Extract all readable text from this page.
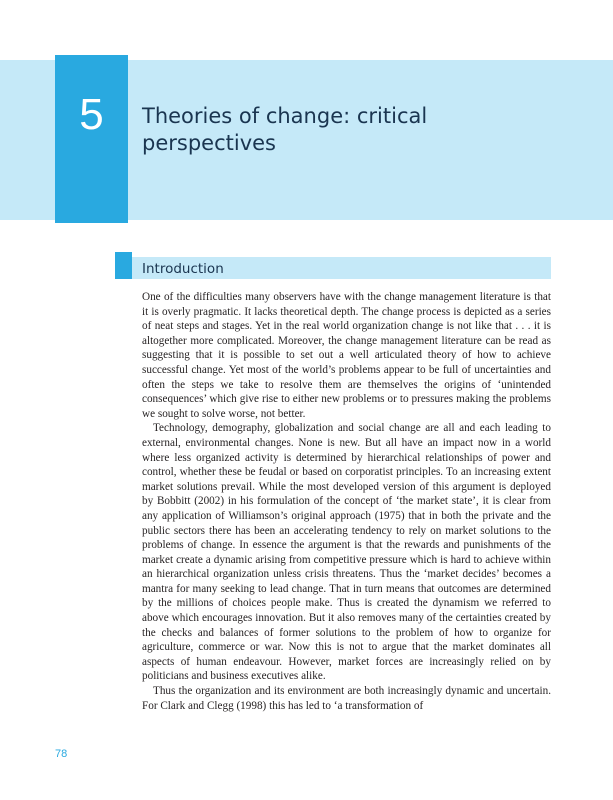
5	Theories of change: critical perspectives
Introduction

One of the difficulties many observers have with the change management literature is that it is overly pragmatic. It lacks theoretical depth. The change process is depicted as a series of neat steps and stages. Yet in the real world organization change is not like that . . . it is altogether more complicated. Moreover, the change management literature can be read as suggesting that it is possible to set out a well articulated theory of how to achieve successful change. Yet most of the world’s problems appear to be full of uncertainties and often the steps we take to resolve them are themselves the origins of ‘unintended consequences’ which give rise to either new problems or to pressures making the problems we sought to solve worse, not better.

Technology, demography, globalization and social change are all and each leading to external, environmental changes. None is new. But all have an impact now in a world where less organized activity is determined by hierarchical relationships of power and control, whether these be feudal or based on corporatist principles. To an increasing extent market solutions prevail. While the most developed version of this argument is deployed by Bobbitt (2002) in his formulation of the concept of ‘the market state’, it is clear from any application of Williamson’s original approach (1975) that in both the private and the public sectors there has been an accelerating tendency to rely on market solutions to the problems of change. In essence the argument is that the rewards and punishments of the market create a dynamic arising from competitive pressure which is hard to achieve within an hierarchical organization unless crisis threatens. Thus the ‘market decides’ becomes a mantra for many seeking to lead change. That in turn means that outcomes are determined by the millions of choices people make. Thus is created the dynamism we referred to above which encourages innovation. But it also removes many of the certainties created by the checks and balances of former solutions to the problem of how to organize for agriculture, commerce or war. Now this is not to argue that the market dominates all aspects of human endeavour. However, market forces are increasingly relied on by politicians and business executives alike.

Thus the organization and its environment are both increasingly dynamic and uncertain. For Clark and Clegg (1998) this has led to ‘a transformation of

78
